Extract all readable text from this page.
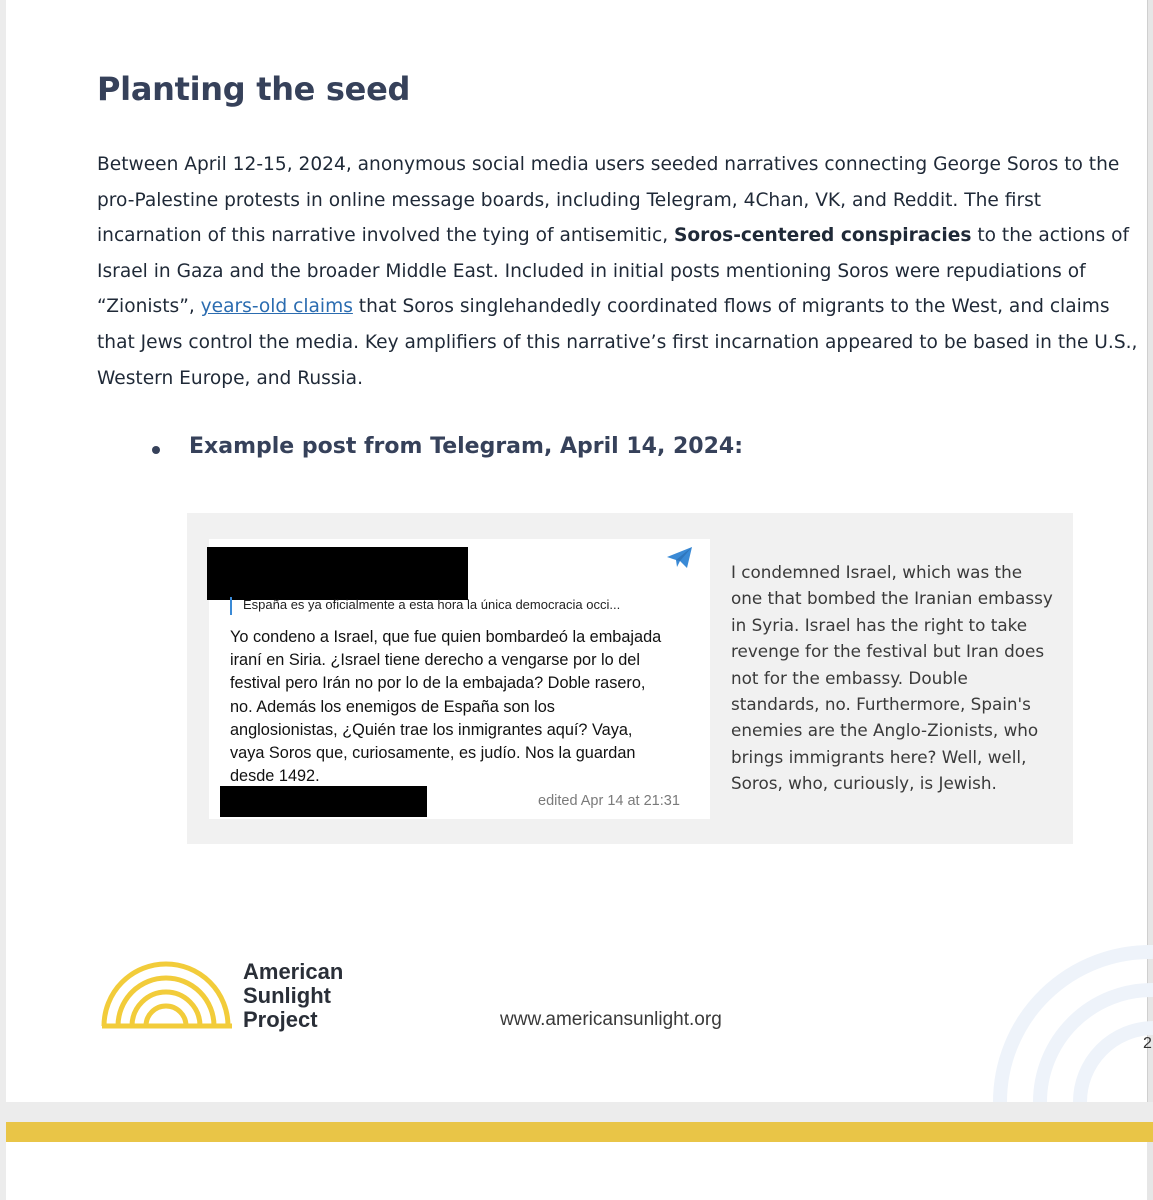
Planting the seed
Between April 12-15, 2024, anonymous social media users seeded narratives connecting George Soros to the
pro-Palestine protests in online message boards, including Telegram, 4Chan, VK, and Reddit. The first
incarnation of this narrative involved the tying of antisemitic, Soros-centered conspiracies to the actions of
Israel in Gaza and the broader Middle East. Included in initial posts mentioning Soros were repudiations of
“Zionists”, years-old claims that Soros singlehandedly coordinated flows of migrants to the West, and claims
that Jews control the media. Key amplifiers of this narrative’s first incarnation appeared to be based in the U.S.,
Western Europe, and Russia.
Example post from Telegram, April 14, 2024:
España es ya oficialmente a esta hora la única democracia occi...
Yo condeno a Israel, que fue quien bombardeó la embajada
iraní en Siria. ¿Israel tiene derecho a vengarse por lo del
festival pero Irán no por lo de la embajada? Doble rasero,
no. Además los enemigos de España son los
anglosionistas, ¿Quién trae los inmigrantes aquí? Vaya,
vaya Soros que, curiosamente, es judío. Nos la guardan
desde 1492.
edited Apr 14 at 21:31
I condemned Israel, which was the
one that bombed the Iranian embassy
in Syria. Israel has the right to take
revenge for the festival but Iran does
not for the embassy. Double
standards, no. Furthermore, Spain's
enemies are the Anglo-Zionists, who
brings immigrants here? Well, well,
Soros, who, curiously, is Jewish.
American
Sunlight
Project	www.americansunlight.org
2
